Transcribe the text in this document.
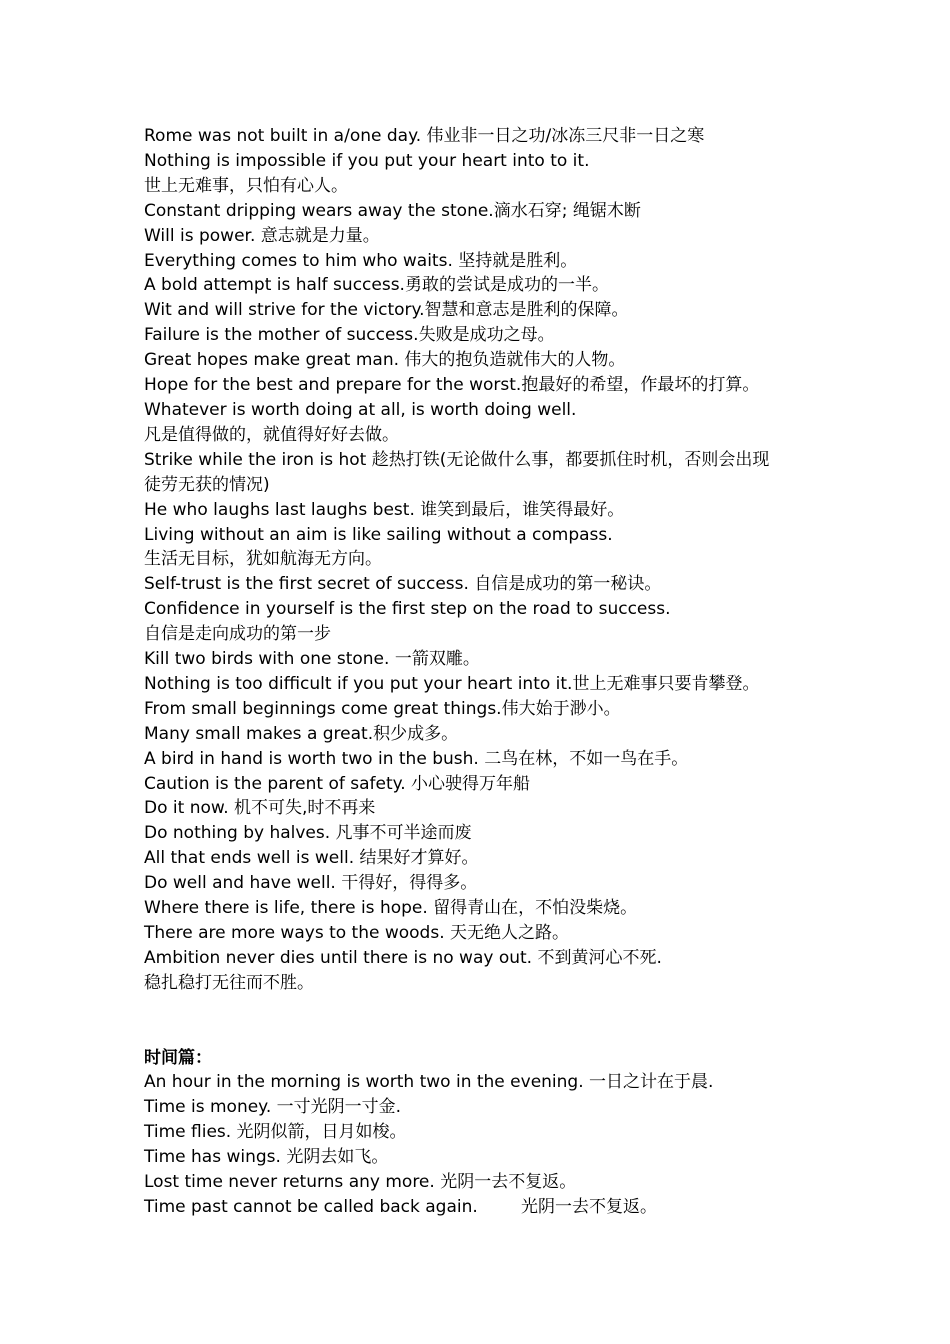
Rome was not built in a/one day. 伟业非一日之功/冰冻三尺非一日之寒

Nothing is impossible if you put your heart into to it.

世上无难事，只怕有心人。

Constant dripping wears away the stone.滴水石穿; 绳锯木断

Will is power. 意志就是力量。

Everything comes to him who waits. 坚持就是胜利。

A bold attempt is half success.勇敢的尝试是成功的一半。

Wit and will strive for the victory.智慧和意志是胜利的保障。

Failure is the mother of success.失败是成功之母。

Great hopes make great man. 伟大的抱负造就伟大的人物。

Hope for the best and prepare for the worst.抱最好的希望，作最坏的打算。

Whatever is worth doing at all, is worth doing well.

凡是值得做的，就值得好好去做。

Strike while the iron is hot 趁热打铁(无论做什么事，都要抓住时机，否则会出现

徒劳无获的情况)

He who laughs last laughs best. 谁笑到最后，谁笑得最好。

Living without an aim is like sailing without a compass.

生活无目标，犹如航海无方向。

Self-trust is the first secret of success. 自信是成功的第一秘诀。

Confidence in yourself is the first step on the road to success.

自信是走向成功的第一步

Kill two birds with one stone. 一箭双雕。

Nothing is too difficult if you put your heart into it.世上无难事只要肯攀登。

From small beginnings come great things.伟大始于渺小。

Many small makes a great.积少成多。

A bird in hand is worth two in the bush. 二鸟在林，不如一鸟在手。

Caution is the parent of safety. 小心驶得万年船

Do it now. 机不可失,时不再来

Do nothing by halves. 凡事不可半途而废

All that ends well is well. 结果好才算好。

Do well and have well. 干得好，得得多。

Where there is life, there is hope. 留得青山在，不怕没柴烧。

There are more ways to the woods. 天无绝人之路。

Ambition never dies until there is no way out. 不到黄河心不死.

稳扎稳打无往而不胜。

时间篇：

An hour in the morning is worth two in the evening. 一日之计在于晨.

Time is money. 一寸光阴一寸金.

Time flies. 光阴似箭，日月如梭。

Time has wings. 光阴去如飞。

Lost time never returns any more. 光阴一去不复返。

Time past cannot be called back again.        光阴一去不复返。
